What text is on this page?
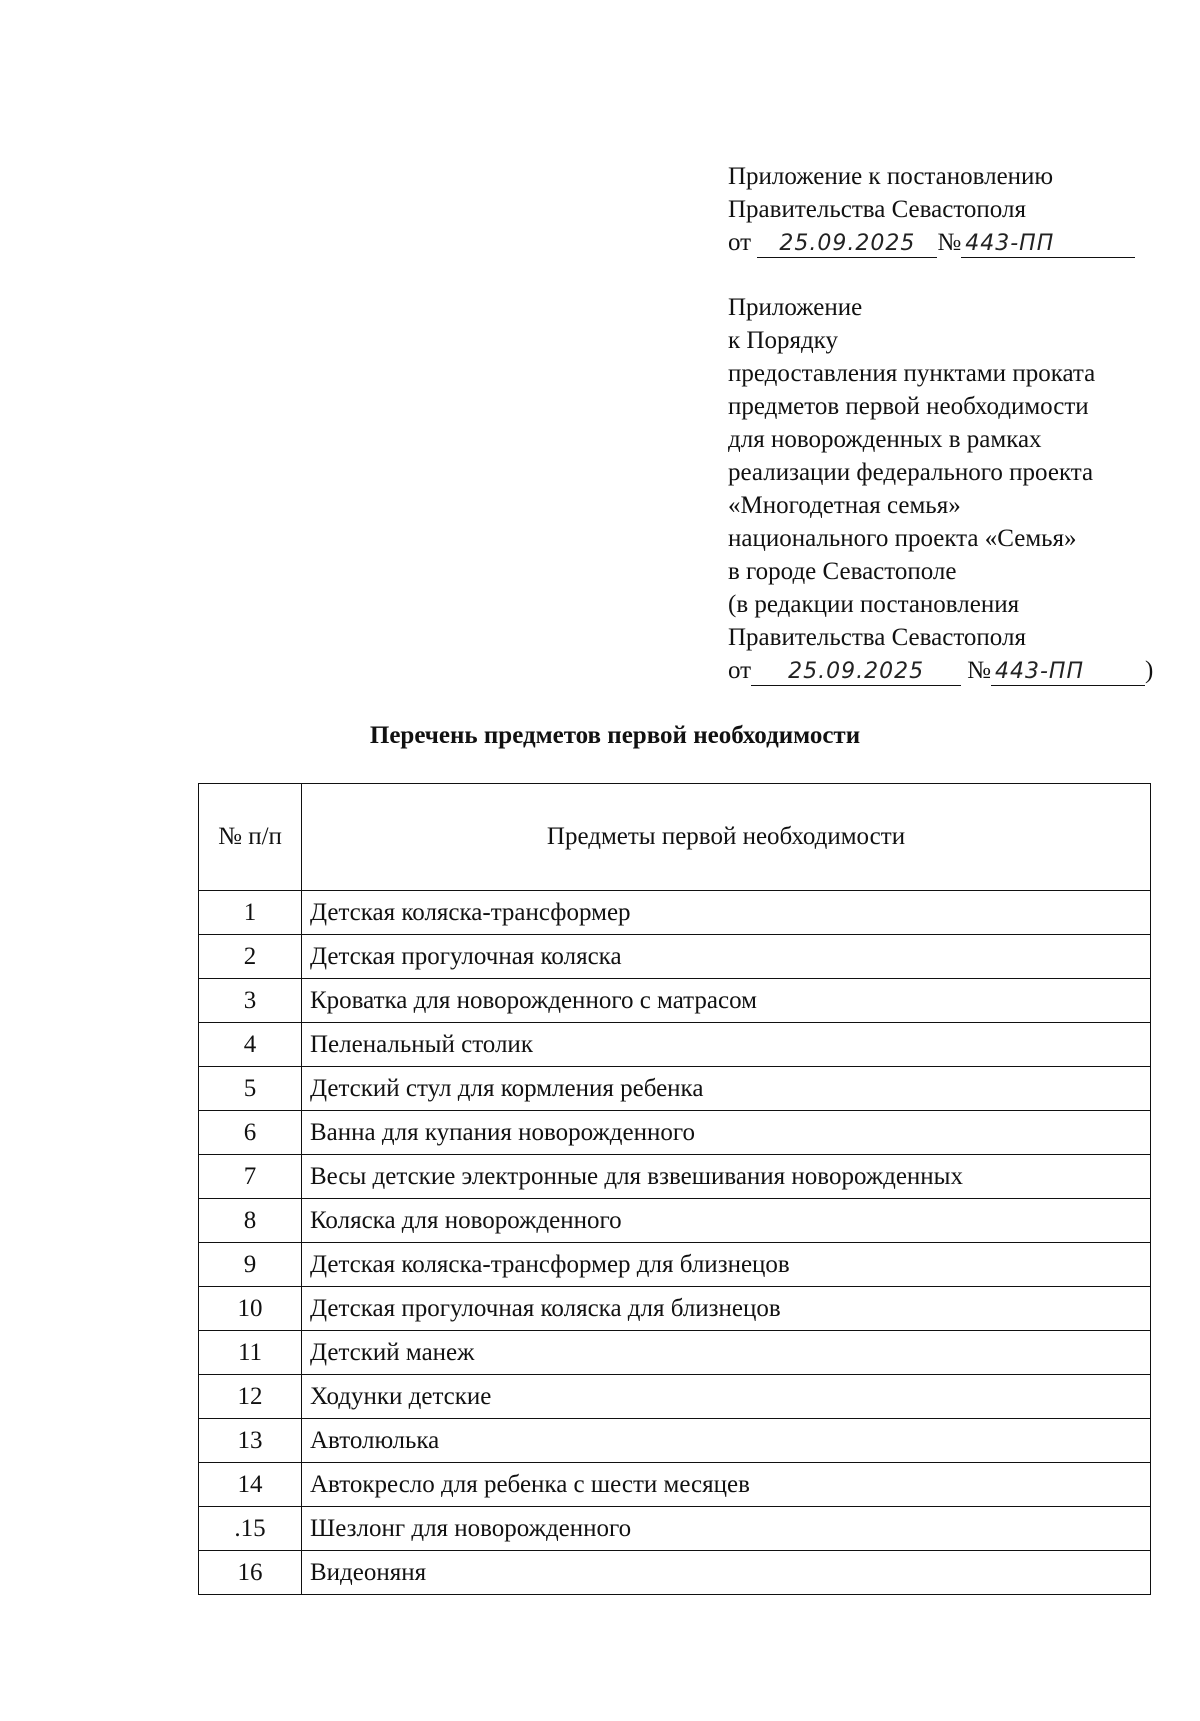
Приложение к постановлению
Правительства Севастополя
от 25.09.2025 № 443-ПП
Приложение
к Порядку
предоставления пунктами проката
предметов первой необходимости
для новорожденных в рамках
реализации федерального проекта
«Многодетная семья»
национального проекта «Семья»
в городе Севастополе
(в редакции постановления
Правительства Севастополя
от 25.09.2025 № 443-ПП )
Перечень предметов первой необходимости
№ п/п	Предметы первой необходимости
1	Детская коляска-трансформер
2	Детская прогулочная коляска
3	Кроватка для новорожденного с матрасом
4	Пеленальный столик
5	Детский стул для кормления ребенка
6	Ванна для купания новорожденного
7	Весы детские электронные для взвешивания новорожденных
8	Коляска для новорожденного
9	Детская коляска-трансформер для близнецов
10	Детская прогулочная коляска для близнецов
11	Детский манеж
12	Ходунки детские
13	Автолюлька
14	Автокресло для ребенка с шести месяцев
.15	Шезлонг для новорожденного
16	Видеоняня
